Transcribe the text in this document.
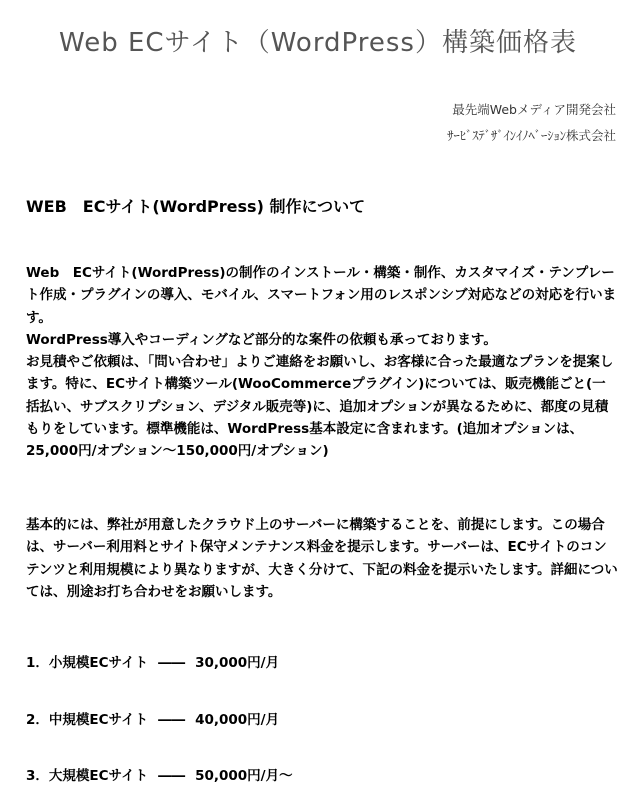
Web ECサイト（WordPress）構築価格表
最先端Webメディア開発会社
ｻｰﾋﾞｽﾃﾞｻﾞｲﾝｲﾉﾍﾞｰｼｮﾝ株式会社
WEB　ECサイト(WordPress) 制作について

Web　ECサイト(WordPress)の制作のインストール・構築・制作、カスタマイズ・テンプレート作成・プラグインの導入、モバイル、スマートフォン用のレスポンシブ対応などの対応を行います。
WordPress導入やコーディングなど部分的な案件の依頼も承っております。
お見積やご依頼は、「問い合わせ」よりご連絡をお願いし、お客様に合った最適なプランを提案します。特に、ECサイト構築ツール(WooCommerceプラグイン)については、販売機能ごと(一括払い、サブスクリプション、デジタル販売等)に、追加オプションが異なるために、都度の見積もりをしています。標準機能は、WordPress基本設定に含まれます。(追加オプションは、25,000円/オプション～150,000円/オプション)

基本的には、弊社が用意したクラウド上のサーバーに構築することを、前提にします。この場合は、サーバー利用料とサイト保守メンテナンス料金を提示します。サーバーは、ECサイトのコンテンツと利用規模により異なりますが、大きく分けて、下記の料金を提示いたします。詳細については、別途お打ち合わせをお願いします。

1．小規模ECサイト ―― 30,000円/月
2．中規模ECサイト ―― 40,000円/月
3．大規模ECサイト ―― 50,000円/月～
